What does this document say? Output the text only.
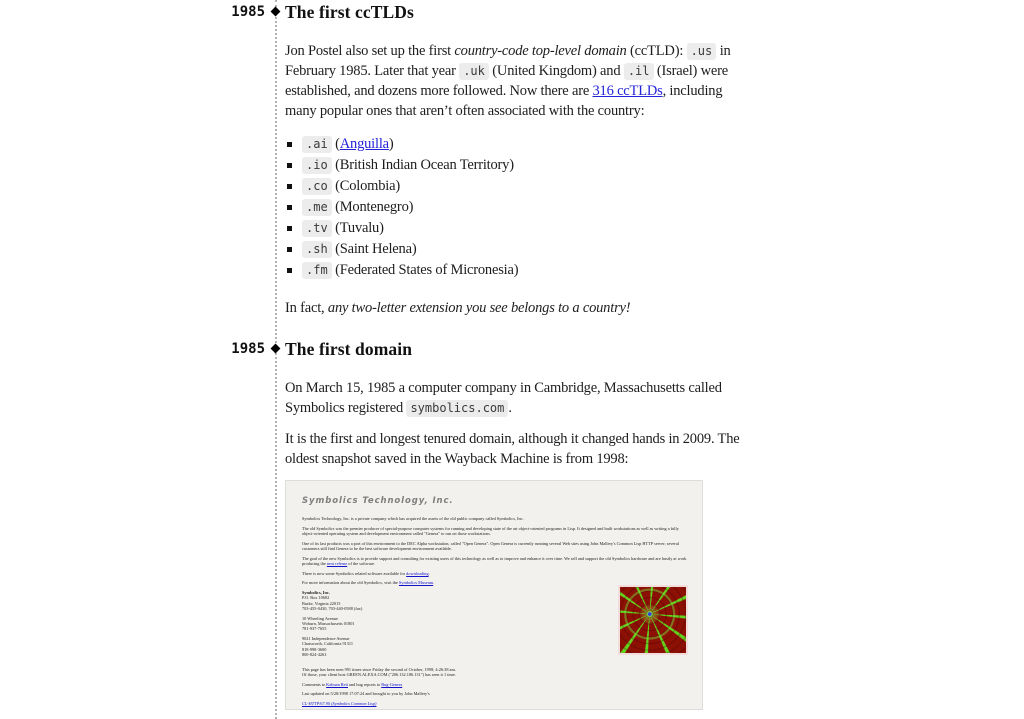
1985 The first ccTLDs

Jon Postel also set up the first country-code top-level domain (ccTLD): .us in February 1985. Later that year .uk (United Kingdom) and .il (Israel) were established, and dozens more followed. Now there are 316 ccTLDs, including many popular ones that aren’t often associated with the country:

.ai (Anguilla)
.io (British Indian Ocean Territory)
.co (Colombia)
.me (Montenegro)
.tv (Tuvalu)
.sh (Saint Helena)
.fm (Federated States of Micronesia)

In fact, any two-letter extension you see belongs to a country!

1985 The first domain

On March 15, 1985 a computer company in Cambridge, Massachusetts called Symbolics registered symbolics.com .

It is the first and longest tenured domain, although it changed hands in 2009. The oldest snapshot saved in the Wayback Machine is from 1998:

Symbolics Technology, Inc.
Symbolics Technology, Inc. is a private company which has acquired the assets of the old public company called Symbolics, Inc.
The old Symbolics was the premier producer of special-purpose computer systems for running and developing state of the art object-oriented programs in Lisp. It designed and built workstations as well as writing a fully object-oriented operating system and development environment called "Genera" to run on those workstations.
One of its last products was a port of this environment to the DEC Alpha workstation, called "Open Genera". Open Genera is currently running several Web sites using John Mallery's Common Lisp HTTP server; several customers still find Genera to be the best software development environment available.
The goal of the new Symbolics is to provide support and consulting for existing users of this technology as well as to improve and enhance it over time. We sell and support the old Symbolics hardware and are busily at work producing the next release of the software.
There is now some Symbolics related software available for downloading.
For more information about the old Symbolics, visit the Symbolics Museum.
Symbolics, Inc.
P.O. Box 10682
Burke, Virginia 22015
703-455-0430, 703-440-0588 (fax)
10 Wheeling Avenue
Woburn, Massachusetts 01801
781-937-7655
9021 Independence Avenue
Chatsworth, California 91311
818-998-3600
800-824-4263
This page has been seen 991 times since Friday the second of October, 1998; 4:26:38 am.
Of those, your client host GREEN.ALEXA.COM ("206.132.186.131") has seen it 1 time.
Comments to Kalman Reti and bug reports to Bug-Genera
Last updated on 5/28/1998 17:07:24 and brought to you by John Mallery's
CL-HTTP/67.90 (Symbolics Common Lisp)
